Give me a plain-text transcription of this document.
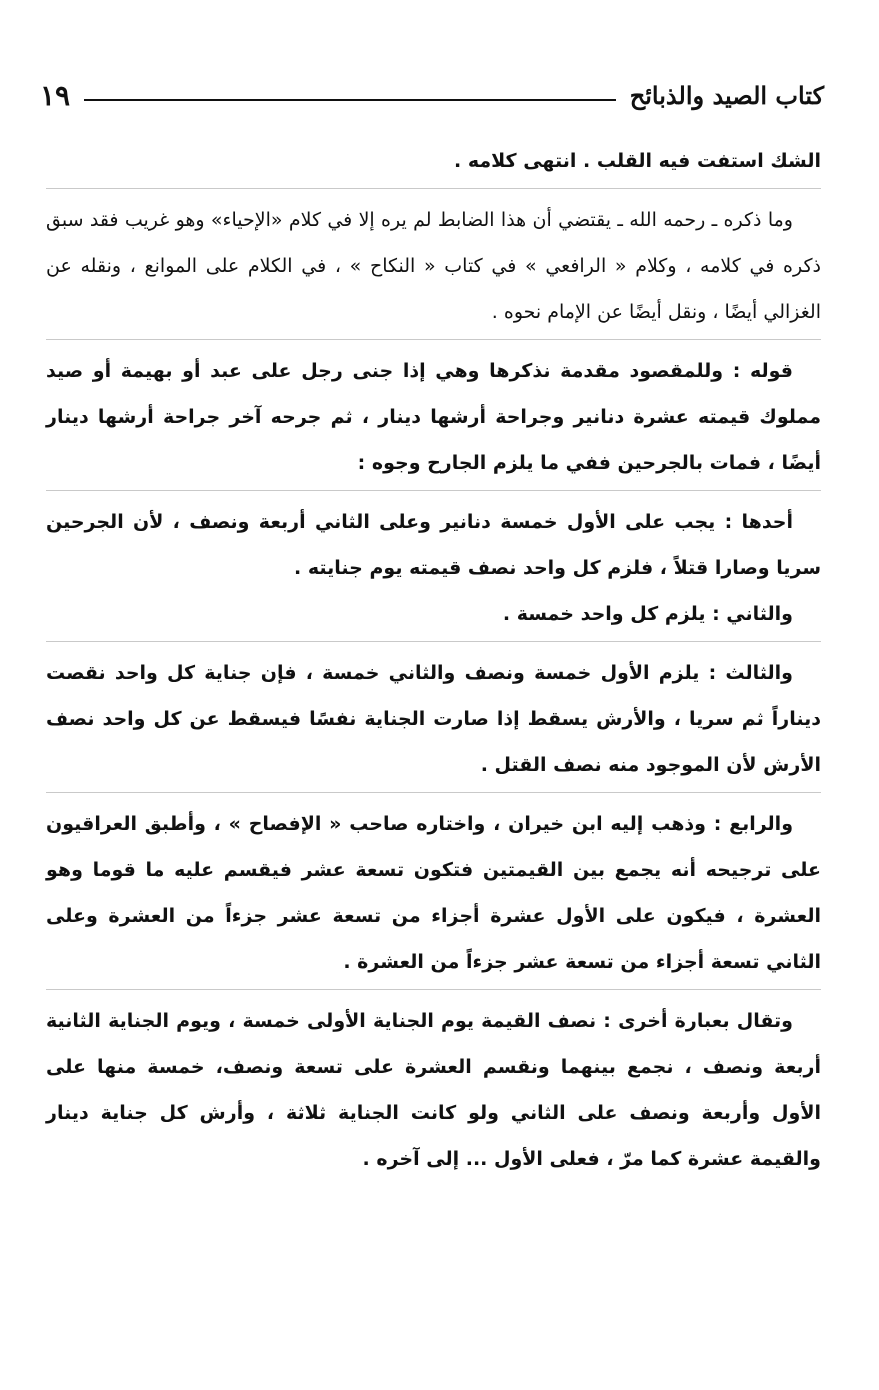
كتاب الصيد والذبائح
١٩

الشك استفت فيه القلب . انتهى كلامه .

وما ذكره ـ رحمه الله ـ يقتضي أن هذا الضابط لم يره إلا في كلام «الإحياء» وهو غريب فقد سبق ذكره في كلامه ، وكلام « الرافعي » في كتاب « النكاح » ، في الكلام على الموانع ، ونقله عن الغزالي أيضًا ، ونقل أيضًا عن الإمام نحوه .

قوله : وللمقصود مقدمة نذكرها وهي إذا جنى رجل على عبد أو بهيمة أو صيد مملوك قيمته عشرة دنانير وجراحة أرشها دينار ، ثم جرحه آخر جراحة أرشها دينار أيضًا ، فمات بالجرحين ففي ما يلزم الجارح وجوه :

أحدها : يجب على الأول خمسة دنانير وعلى الثاني أربعة ونصف ، لأن الجرحين سريا وصارا قتلاً ، فلزم كل واحد نصف قيمته يوم جنايته .

والثاني : يلزم كل واحد خمسة .

والثالث : يلزم الأول خمسة ونصف والثاني خمسة ، فإن جناية كل واحد نقصت ديناراً ثم سريا ، والأرش يسقط إذا صارت الجناية نفسًا فيسقط عن كل واحد نصف الأرش لأن الموجود منه نصف القتل .

والرابع : وذهب إليه ابن خيران ، واختاره صاحب « الإفصاح » ، وأطبق العراقيون على ترجيحه أنه يجمع بين القيمتين فتكون تسعة عشر فيقسم عليه ما قوما وهو العشرة ، فيكون على الأول عشرة أجزاء من تسعة عشر جزءاً من العشرة وعلى الثاني تسعة أجزاء من تسعة عشر جزءاً من العشرة .

وتقال بعبارة أخرى : نصف القيمة يوم الجناية الأولى خمسة ، ويوم الجناية الثانية أربعة ونصف ، نجمع بينهما ونقسم العشرة على تسعة ونصف، خمسة منها على الأول وأربعة ونصف على الثاني ولو كانت الجناية ثلاثة ، وأرش كل جناية دينار والقيمة عشرة كما مرّ ، فعلى الأول ... إلى آخره .
